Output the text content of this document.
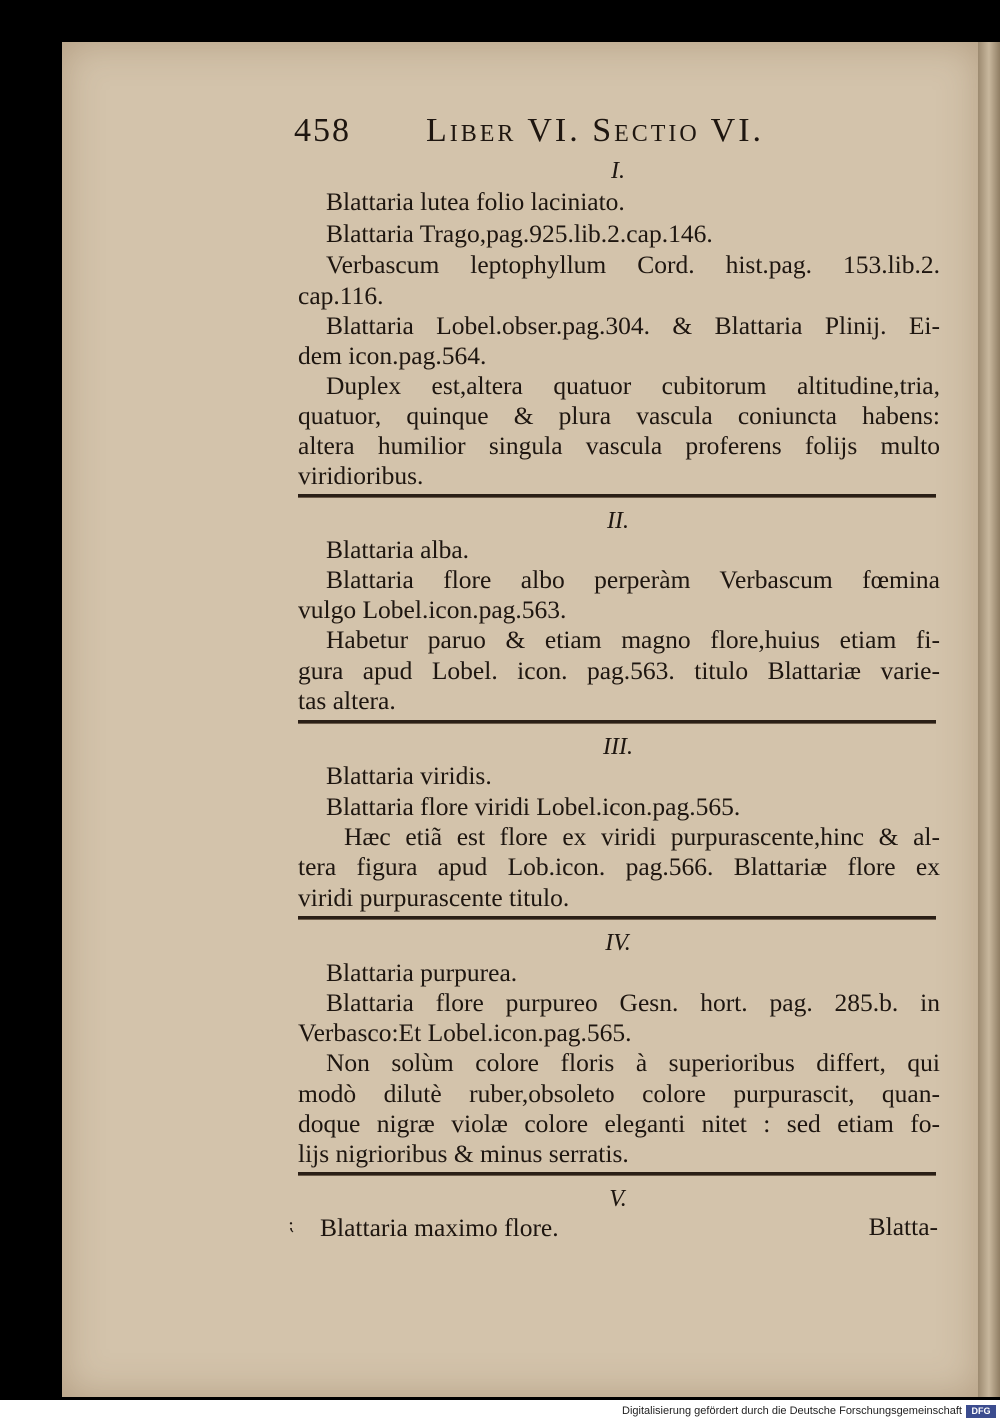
458 Liber VI. Sectio VI.
I.
Blattaria lutea folio laciniato.
Blattaria Trago,pag.925.lib.2.cap.146.
Verbascum leptophyllum Cord. hist.pag. 153.lib.2.
cap.116.
Blattaria Lobel.obser.pag.304. & Blattaria Plinij. Ei-
dem icon.pag.564.
Duplex est,altera quatuor cubitorum altitudine,tria,
quatuor, quinque & plura vascula coniuncta habens:
altera humilior singula vascula proferens folijs multo
viridioribus.
II.
Blattaria alba.
Blattaria flore albo perperàm Verbascum fœmina
vulgo Lobel.icon.pag.563.
Habetur paruo & etiam magno flore,huius etiam fi-
gura apud Lobel. icon. pag.563. titulo Blattariæ varie-
tas altera.
III.
Blattaria viridis.
Blattaria flore viridi Lobel.icon.pag.565.
Hæc etiã est flore ex viridi purpurascente,hinc & al-
tera figura apud Lob.icon. pag.566. Blattariæ flore ex
viridi purpurascente titulo.
IV.
Blattaria purpurea.
Blattaria flore purpureo Gesn. hort. pag. 285.b. in
Verbasco:Et Lobel.icon.pag.565.
Non solùm colore floris à superioribus differt, qui
modò dilutè ruber,obsoleto colore purpurascit, quan-
doque nigræ violæ colore eleganti nitet : sed etiam fo-
lijs nigrioribus & minus serratis.
V.
⁏ Blattaria maximo flore.	Blatta-
Digitalisierung gefördert durch die Deutsche Forschungsgemeinschaft	DFG
